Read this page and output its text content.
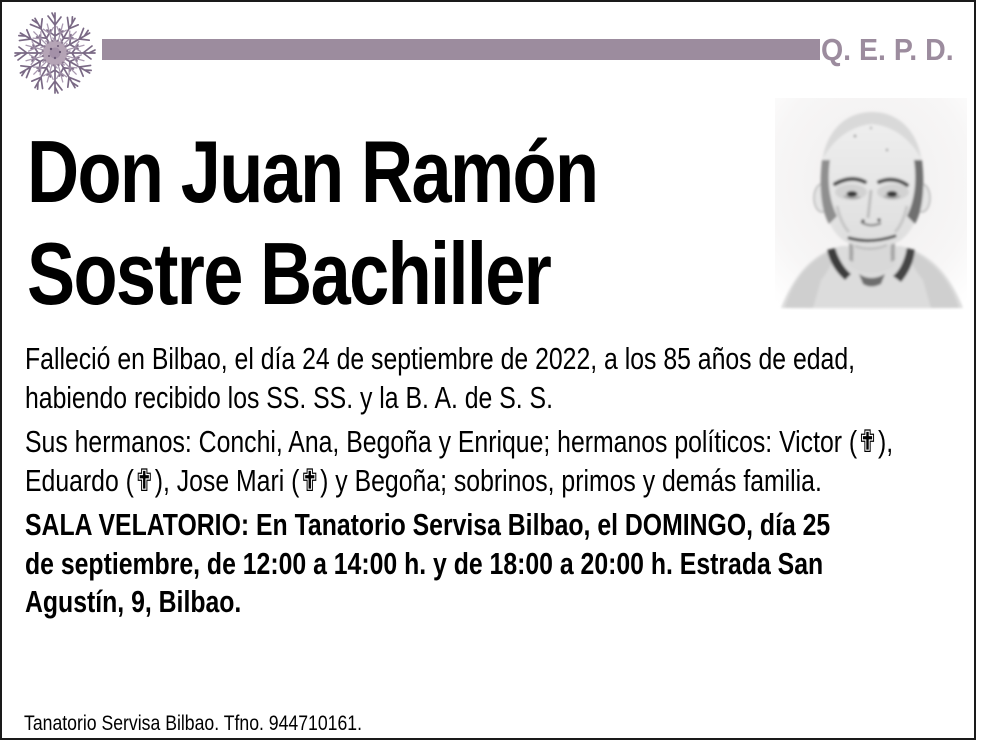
Q. E. P. D.
Don Juan Ramón
Sostre Bachiller
Falleció en Bilbao, el día 24 de septiembre de 2022, a los 85 años de edad,
habiendo recibido los SS. SS. y la B. A. de S. S.
Sus hermanos: Conchi, Ana, Begoña y Enrique; hermanos políticos: Victor (✟),
Eduardo (✟), Jose Mari (✟) y Begoña; sobrinos, primos y demás familia.
SALA VELATORIO: En Tanatorio Servisa Bilbao, el DOMINGO, día 25
de septiembre, de 12:00 a 14:00 h. y de 18:00 a 20:00 h. Estrada San
Agustín, 9, Bilbao.
Tanatorio Servisa Bilbao. Tfno. 944710161.
